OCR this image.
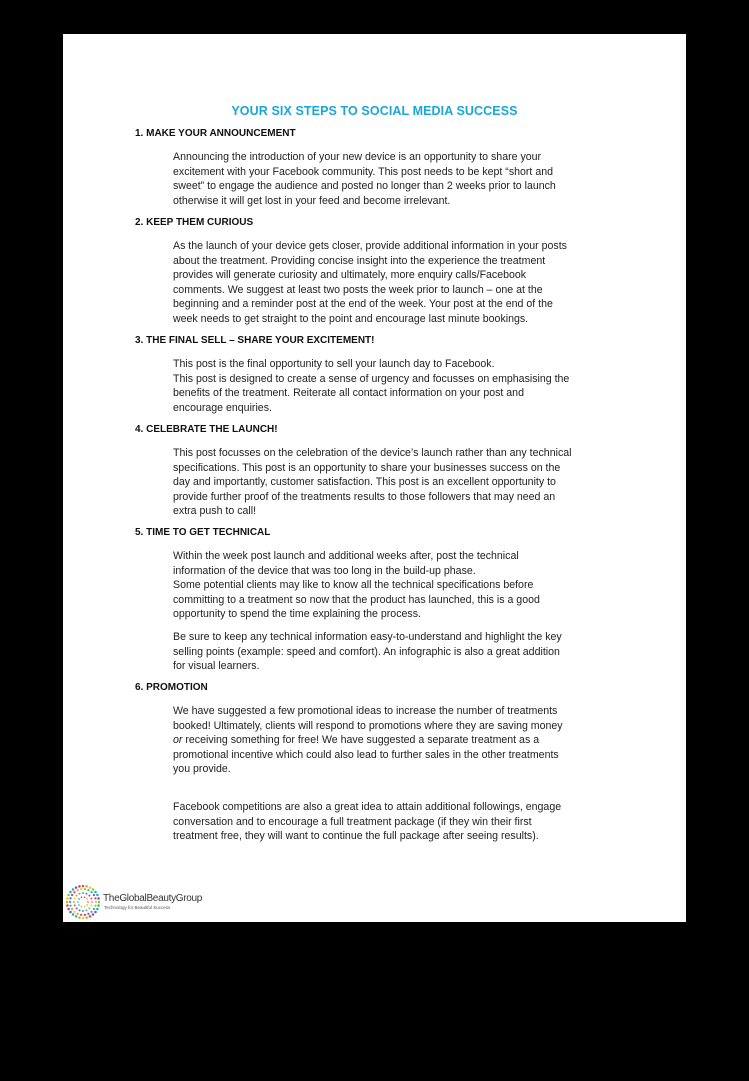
YOUR SIX STEPS TO SOCIAL MEDIA SUCCESS
1. MAKE YOUR ANNOUNCEMENT
Announcing the introduction of your new device is an opportunity to share your
excitement with your Facebook community. This post needs to be kept “short and
sweet” to engage the audience and posted no longer than 2 weeks prior to launch
otherwise it will get lost in your feed and become irrelevant.
2. KEEP THEM CURIOUS
As the launch of your device gets closer, provide additional information in your posts
about the treatment. Providing concise insight into the experience the treatment
provides will generate curiosity and ultimately, more enquiry calls/Facebook
comments. We suggest at least two posts the week prior to launch – one at the
beginning and a reminder post at the end of the week. Your post at the end of the
week needs to get straight to the point and encourage last minute bookings.
3. THE FINAL SELL – SHARE YOUR EXCITEMENT!
This post is the final opportunity to sell your launch day to Facebook.
This post is designed to create a sense of urgency and focusses on emphasising the
benefits of the treatment. Reiterate all contact information on your post and
encourage enquiries.
4. CELEBRATE THE LAUNCH!
This post focusses on the celebration of the device’s launch rather than any technical
specifications. This post is an opportunity to share your businesses success on the
day and importantly, customer satisfaction. This post is an excellent opportunity to
provide further proof of the treatments results to those followers that may need an
extra push to call!
5. TIME TO GET TECHNICAL
Within the week post launch and additional weeks after, post the technical
information of the device that was too long in the build-up phase.
Some potential clients may like to know all the technical specifications before
committing to a treatment so now that the product has launched, this is a good
opportunity to spend the time explaining the process.
Be sure to keep any technical information easy-to-understand and highlight the key
selling points (example: speed and comfort). An infographic is also a great addition
for visual learners.
6. PROMOTION
We have suggested a few promotional ideas to increase the number of treatments
booked! Ultimately, clients will respond to promotions where they are saving money
or receiving something for free! We have suggested a separate treatment as a
promotional incentive which could also lead to further sales in the other treatments
you provide.
Facebook competitions are also a great idea to attain additional followings, engage
conversation and to encourage a full treatment package (if they win their first
treatment free, they will want to continue the full package after seeing results).
TheGlobalBeautyGroup
Technology for Beautiful Success
